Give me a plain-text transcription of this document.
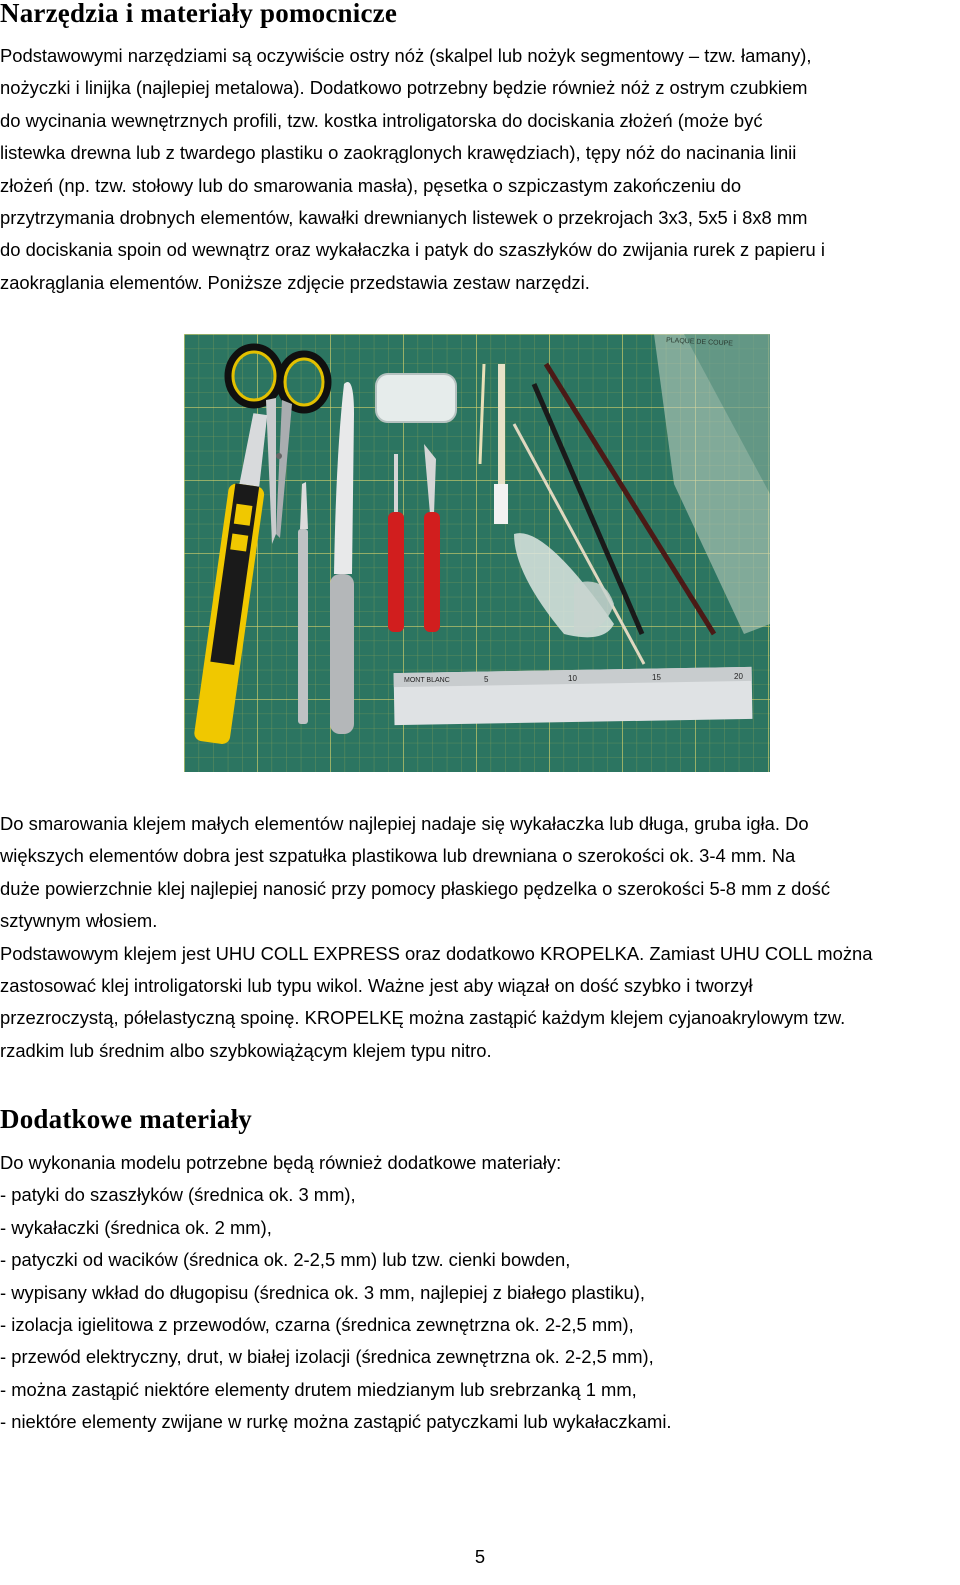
Narzędzia i materiały pomocnicze
Podstawowymi narzędziami są oczywiście ostry nóż (skalpel lub nożyk segmentowy – tzw. łamany),
nożyczki i linijka (najlepiej metalowa). Dodatkowo potrzebny będzie również nóż z ostrym czubkiem
do wycinania wewnętrznych profili, tzw. kostka introligatorska do dociskania złożeń (może być
listewka drewna lub z twardego plastiku o zaokrąglonych krawędziach), tępy nóż do nacinania linii
złożeń (np. tzw. stołowy lub do smarowania masła), pęsetka o szpiczastym zakończeniu do
przytrzymania drobnych elementów, kawałki drewnianych listewek o przekrojach 3x3, 5x5 i 8x8 mm
do dociskania spoin od wewnątrz oraz wykałaczka i patyk do szaszłyków do zwijania rurek z papieru i
zaokrąglania elementów. Poniższe zdjęcie przedstawia zestaw narzędzi.
PLAQUE DE COUPE
MONT BLANC	5	10	15	20
Do smarowania klejem małych elementów najlepiej nadaje się wykałaczka lub długa, gruba igła. Do
większych elementów dobra jest szpatułka plastikowa lub drewniana o szerokości ok. 3-4 mm. Na
duże powierzchnie klej najlepiej nanosić przy pomocy płaskiego pędzelka o szerokości 5-8 mm z dość
sztywnym włosiem.
Podstawowym klejem jest UHU COLL EXPRESS oraz dodatkowo KROPELKA. Zamiast UHU COLL można
zastosować klej introligatorski lub typu wikol. Ważne jest aby wiązał on dość szybko i tworzył
przezroczystą, półelastyczną spoinę. KROPELKĘ można zastąpić każdym klejem cyjanoakrylowym tzw.
rzadkim lub średnim albo szybkowiążącym klejem typu nitro.
Dodatkowe materiały
Do wykonania modelu potrzebne będą również dodatkowe materiały:
- patyki do szaszłyków (średnica ok. 3 mm),
- wykałaczki (średnica ok. 2 mm),
- patyczki od wacików (średnica ok. 2-2,5 mm) lub tzw. cienki bowden,
- wypisany wkład do długopisu (średnica ok. 3 mm, najlepiej z białego plastiku),
- izolacja igielitowa z przewodów, czarna (średnica zewnętrzna ok. 2-2,5 mm),
- przewód elektryczny, drut, w białej izolacji (średnica zewnętrzna ok. 2-2,5 mm),
- można zastąpić niektóre elementy drutem miedzianym lub srebrzanką 1 mm,
- niektóre elementy zwijane w rurkę można zastąpić patyczkami lub wykałaczkami.
5
